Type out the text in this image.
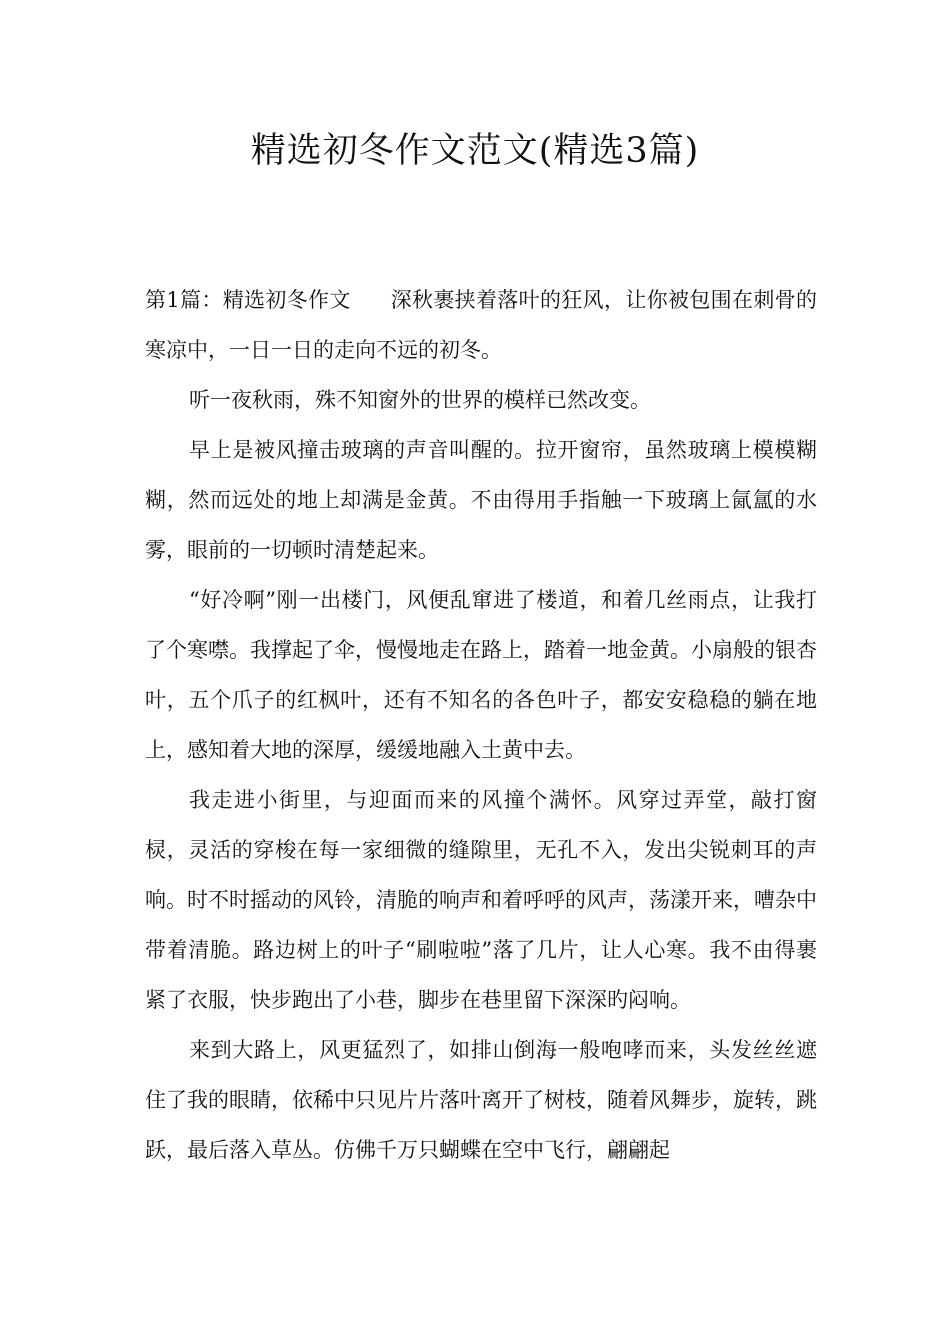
精选初冬作文范文(精选3篇)

第1篇：精选初冬作文 深秋裹挟着落叶的狂风，让你被包围在刺骨的寒凉中，一日一日的走向不远的初冬。

听一夜秋雨，殊不知窗外的世界的模样已然改变。

早上是被风撞击玻璃的声音叫醒的。拉开窗帘，虽然玻璃上模模糊糊，然而远处的地上却满是金黄。不由得用手指触一下玻璃上氤氲的水雾，眼前的一切顿时清楚起来。

“好冷啊”刚一出楼门，风便乱窜进了楼道，和着几丝雨点，让我打了个寒噤。我撑起了伞，慢慢地走在路上，踏着一地金黄。小扇般的银杏叶，五个爪子的红枫叶，还有不知名的各色叶子，都安安稳稳的躺在地上，感知着大地的深厚，缓缓地融入土黄中去。

我走进小街里，与迎面而来的风撞个满怀。风穿过弄堂，敲打窗棂，灵活的穿梭在每一家细微的缝隙里，无孔不入，发出尖锐刺耳的声响。时不时摇动的风铃，清脆的响声和着呼呼的风声，荡漾开来，嘈杂中带着清脆。路边树上的叶子“刷啦啦”落了几片，让人心寒。我不由得裹紧了衣服，快步跑出了小巷，脚步在巷里留下深深旳闷响。

来到大路上，风更猛烈了，如排山倒海一般咆哮而来，头发丝丝遮住了我的眼睛，依稀中只见片片落叶离开了树枝，随着风舞步，旋转，跳跃，最后落入草丛。仿佛千万只蝴蝶在空中飞行，翩翩起
